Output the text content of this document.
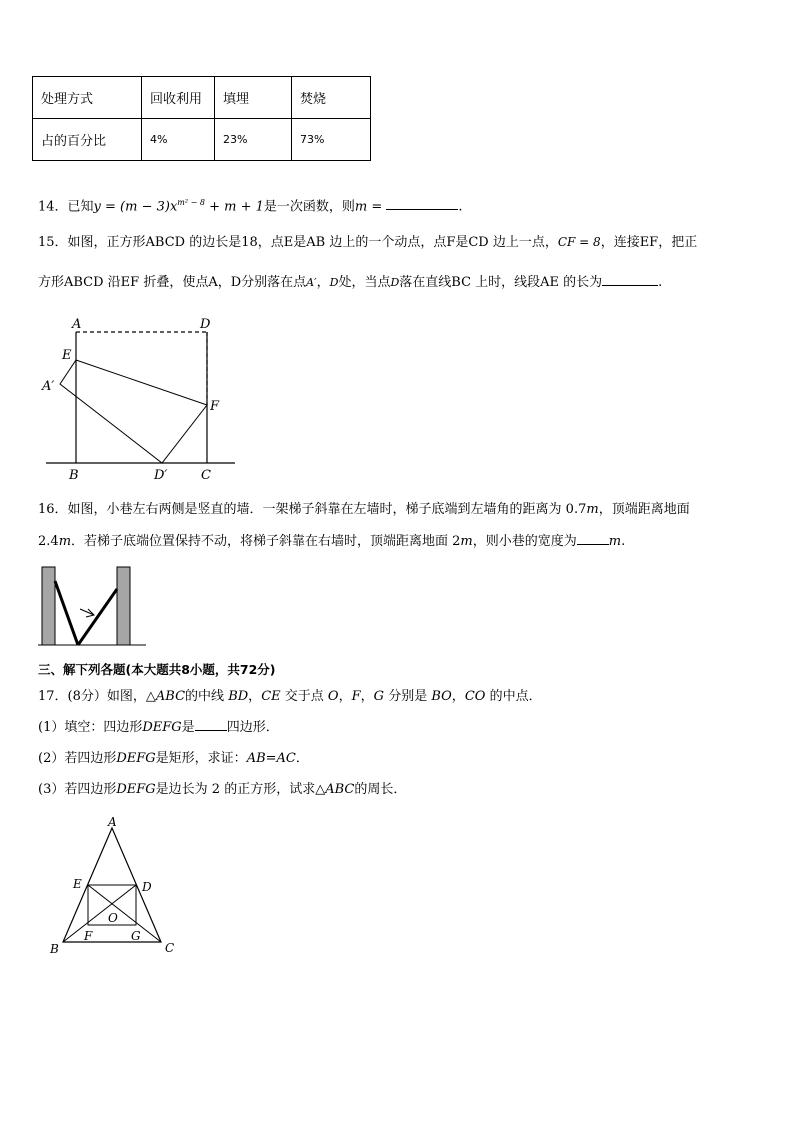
处理方式	回收利用	填埋	焚烧
占的百分比	4%	23%	73%
14．已知$y = (m - 3)x^{m^2 - 8} + m + 1$是一次函数，则m =	.
15．如图，正方形ABCD 的边长是18，点E是AB 边上的一个动点，点F是CD 边上一点，CF = 8，连接EF，把正
方形ABCD 沿EF 折叠，使点A，D分别落在点A′，D处，当点D落在直线BC 上时，线段AE 的长为	.
A	D
E
A′
F
B	D′	C
16．如图，小巷左右两侧是竖直的墙．一架梯子斜靠在左墙时，梯子底端到左墙角的距离为 0.7m，顶端距离地面
2.4m．若梯子底端位置保持不动，将梯子斜靠在右墙时，顶端距离地面 2m，则小巷的宽度为 m.
三、解下列各题(本大题共8小题，共72分)
17．(8分）如图，△ABC的中线 BD，CE 交于点 O，F，G 分别是 BO，CO 的中点．
(1）填空：四边形DEFG是 四边形．
(2）若四边形DEFG是矩形，求证：AB=AC．
(3）若四边形DEFG是边长为 2 的正方形，试求△ABC的周长．
A
E	D
O
F	G
B	C
